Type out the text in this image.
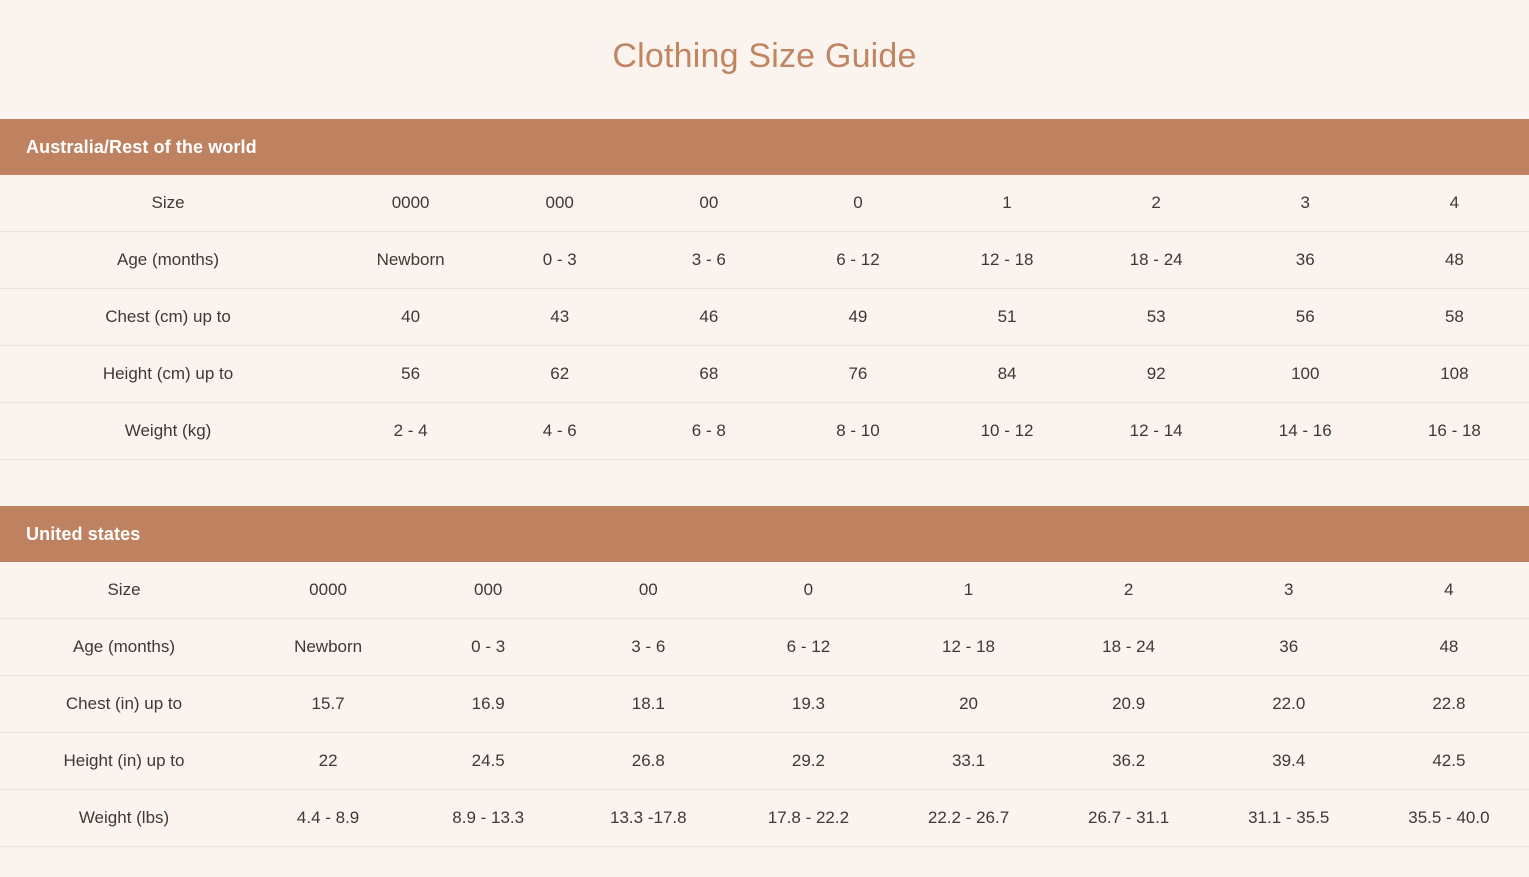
Clothing Size Guide
Australia/Rest of the world
Size	0000	000	00	0	1	2	3	4
Age (months)	Newborn	0 - 3	3 - 6	6 - 12	12 - 18	18 - 24	36	48
Chest (cm) up to	40	43	46	49	51	53	56	58
Height (cm) up to	56	62	68	76	84	92	100	108
Weight (kg)	2 - 4	4 - 6	6 - 8	8 - 10	10 - 12	12 - 14	14 - 16	16 - 18
United states
Size	0000	000	00	0	1	2	3	4
Age (months)	Newborn	0 - 3	3 - 6	6 - 12	12 - 18	18 - 24	36	48
Chest (in) up to	15.7	16.9	18.1	19.3	20	20.9	22.0	22.8
Height (in) up to	22	24.5	26.8	29.2	33.1	36.2	39.4	42.5
Weight (lbs)	4.4 - 8.9	8.9 - 13.3	13.3 -17.8	17.8 - 22.2	22.2 - 26.7	26.7 - 31.1	31.1 - 35.5	35.5 - 40.0
